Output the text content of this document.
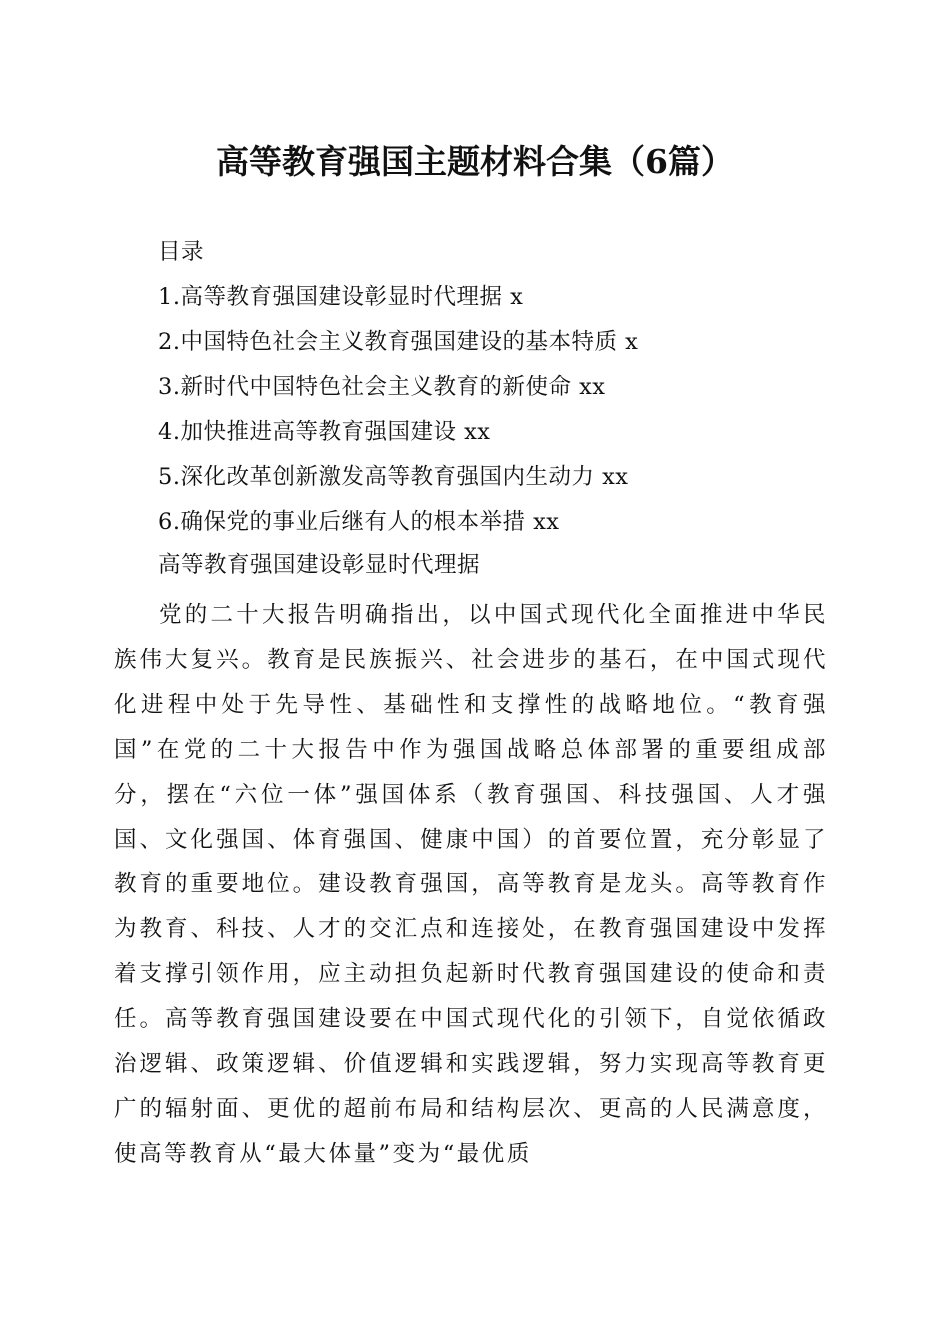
高等教育强国主题材料合集（6篇）
目录
1.高等教育强国建设彰显时代理据 x
2.中国特色社会主义教育强国建设的基本特质 x
3.新时代中国特色社会主义教育的新使命 xx
4.加快推进高等教育强国建设 xx
5.深化改革创新激发高等教育强国内生动力 xx
6.确保党的事业后继有人的根本举措 xx
高等教育强国建设彰显时代理据

党的二十大报告明确指出，以中国式现代化全面推进中华民族伟大复兴。教育是民族振兴、社会进步的基石，在中国式现代化进程中处于先导性、基础性和支撑性的战略地位。“教育强国”在党的二十大报告中作为强国战略总体部署的重要组成部分，摆在“六位一体”强国体系（教育强国、科技强国、人才强国、文化强国、体育强国、健康中国）的首要位置，充分彰显了教育的重要地位。建设教育强国，高等教育是龙头。高等教育作为教育、科技、人才的交汇点和连接处，在教育强国建设中发挥着支撑引领作用，应主动担负起新时代教育强国建设的使命和责任。高等教育强国建设要在中国式现代化的引领下，自觉依循政治逻辑、政策逻辑、价值逻辑和实践逻辑，努力实现高等教育更广的辐射面、更优的超前布局和结构层次、更高的人民满意度，使高等教育从“最大体量”变为“最优质
